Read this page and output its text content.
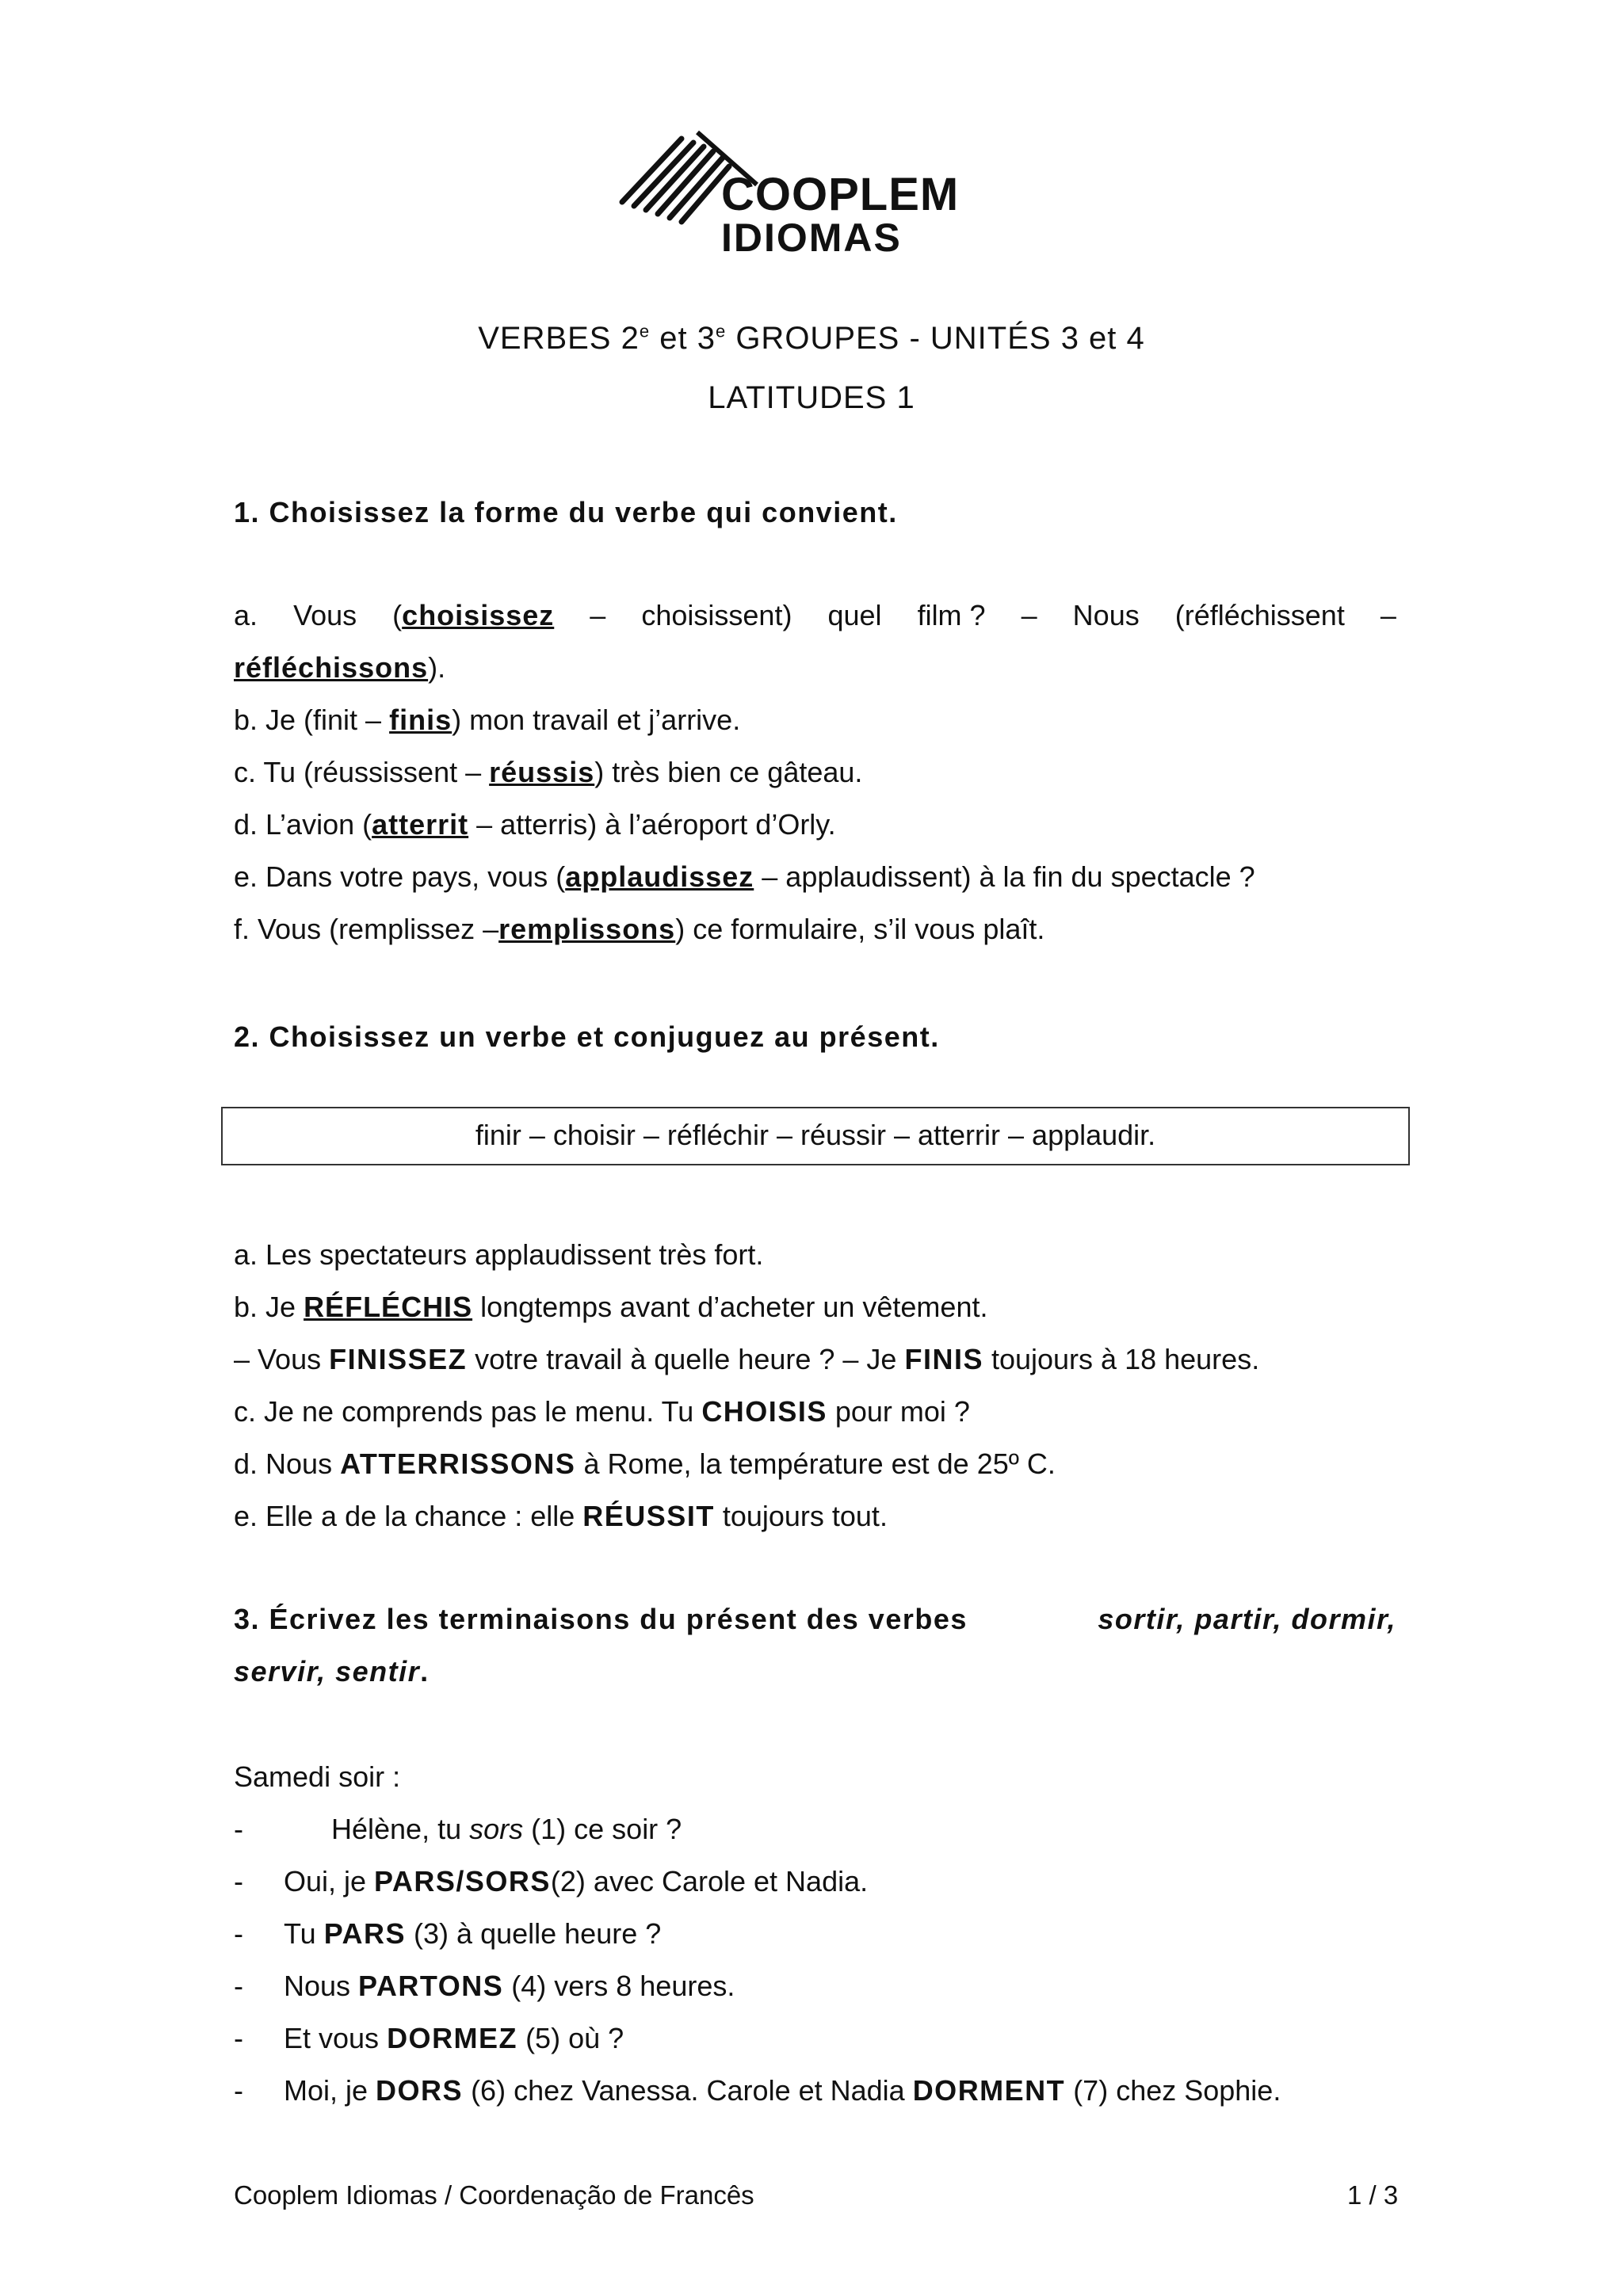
COOPLEM
IDIOMAS
VERBES 2e et 3e GROUPES - UNITÉS 3 et 4
LATITUDES 1
1. Choisissez la forme du verbe qui convient.
a. Vous (choisissez – choisissent) quel film ? – Nous (réfléchissent –
réfléchissons).
b. Je (finit – finis) mon travail et j’arrive.
c. Tu (réussissent – réussis) très bien ce gâteau.
d. L’avion (atterrit – atterris) à l’aéroport d’Orly.
e. Dans votre pays, vous (applaudissez – applaudissent) à la fin du spectacle ?
f. Vous (remplissez –remplissons) ce formulaire, s’il vous plaît.
2. Choisissez un verbe et conjuguez au présent.
finir – choisir – réfléchir – réussir – atterrir – applaudir.
a. Les spectateurs applaudissent très fort.
b. Je RÉFLÉCHIS longtemps avant d’acheter un vêtement.
– Vous FINISSEZ votre travail à quelle heure ? – Je FINIS toujours à 18 heures.
c. Je ne comprends pas le menu. Tu CHOISIS pour moi ?
d. Nous ATTERRISSONS à Rome, la température est de 25º C.
e. Elle a de la chance : elle RÉUSSIT toujours tout.
3. Écrivez les terminaisons du présent des verbes	sortir, partir, dormir,
servir, sentir.
Samedi soir :
-	Hélène, tu sors (1) ce soir ?
- Oui, je PARS/SORS(2) avec Carole et Nadia.
- Tu PARS (3) à quelle heure ?
- Nous PARTONS (4) vers 8 heures.
- Et vous DORMEZ (5) où ?
- Moi, je DORS (6) chez Vanessa. Carole et Nadia DORMENT (7) chez Sophie.
Cooplem Idiomas / Coordenação de Francês	1 / 3
